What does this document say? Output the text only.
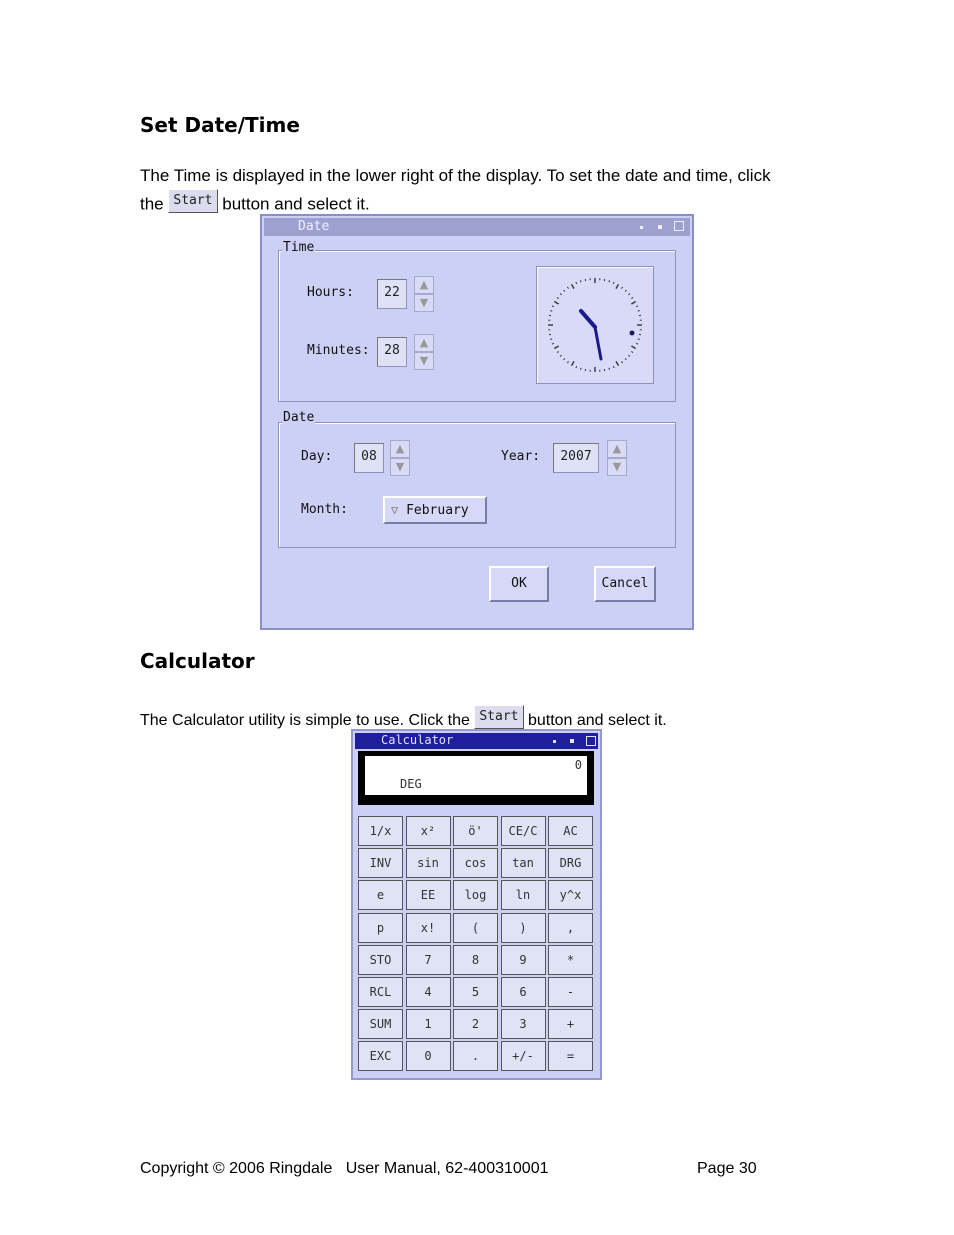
Set Date/Time
The Time is displayed in the lower right of the display. To set the date and time, click
the Start button and select it.
Date
Time
Hours:	22
▲
▼
Minutes:	28
▲
▼
Date
Day:	08
▲
▼
Year:	2007
▲
▼
Month:	▽ February
OK	Cancel
Calculator
The Calculator utility is simple to use. Click the Start button and select it.
Calculator
0
DEG
1/x	x²	ö'	CE/C	AC
INV	sin	cos	tan	DRG
e	EE	log	ln	y^x
p	x!	(	)	,
STO	7	8	9	*
RCL	4	5	6	-
SUM	1	2	3	+
EXC	0	.	+/-	=
Copyright © 2006 Ringdale   User Manual, 62-400310001	Page 30
